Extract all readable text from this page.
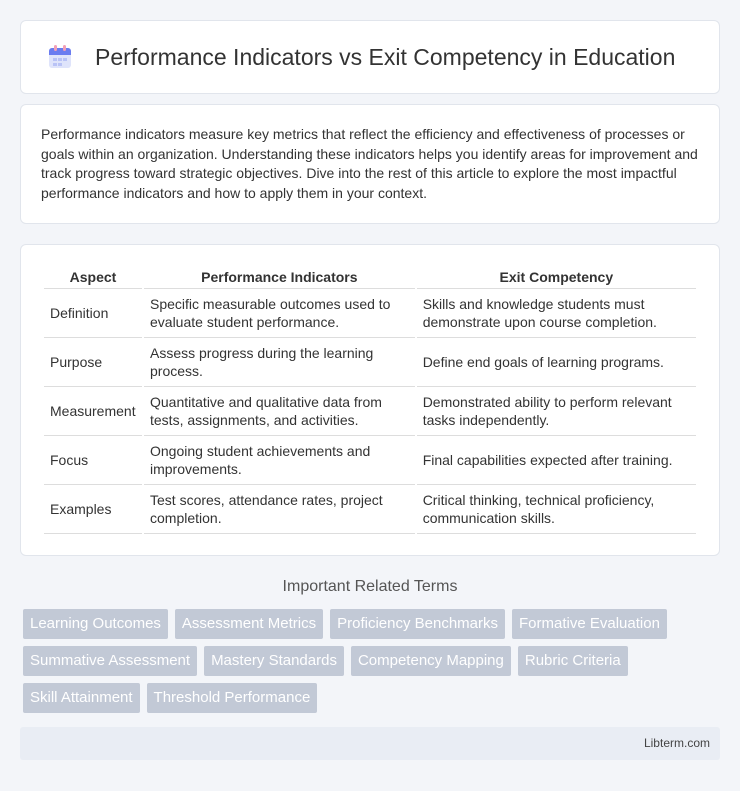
Performance Indicators vs Exit Competency in Education

Performance indicators measure key metrics that reflect the efficiency and effectiveness of processes or goals within an organization. Understanding these indicators helps you identify areas for improvement and track progress toward strategic objectives. Dive into the rest of this article to explore the most impactful performance indicators and how to apply them in your context.

Aspect	Performance Indicators	Exit Competency
Definition	Specific measurable outcomes used to evaluate student performance.	Skills and knowledge students must demonstrate upon course completion.
Purpose	Assess progress during the learning process.	Define end goals of learning programs.
Measurement	Quantitative and qualitative data from tests, assignments, and activities.	Demonstrated ability to perform relevant tasks independently.
Focus	Ongoing student achievements and improvements.	Final capabilities expected after training.
Examples	Test scores, attendance rates, project completion.	Critical thinking, technical proficiency, communication skills.
Important Related Terms
Learning Outcomes	Assessment Metrics	Proficiency Benchmarks	Formative Evaluation
Summative Assessment	Mastery Standards	Competency Mapping	Rubric Criteria
Skill Attainment	Threshold Performance
Libterm.com
